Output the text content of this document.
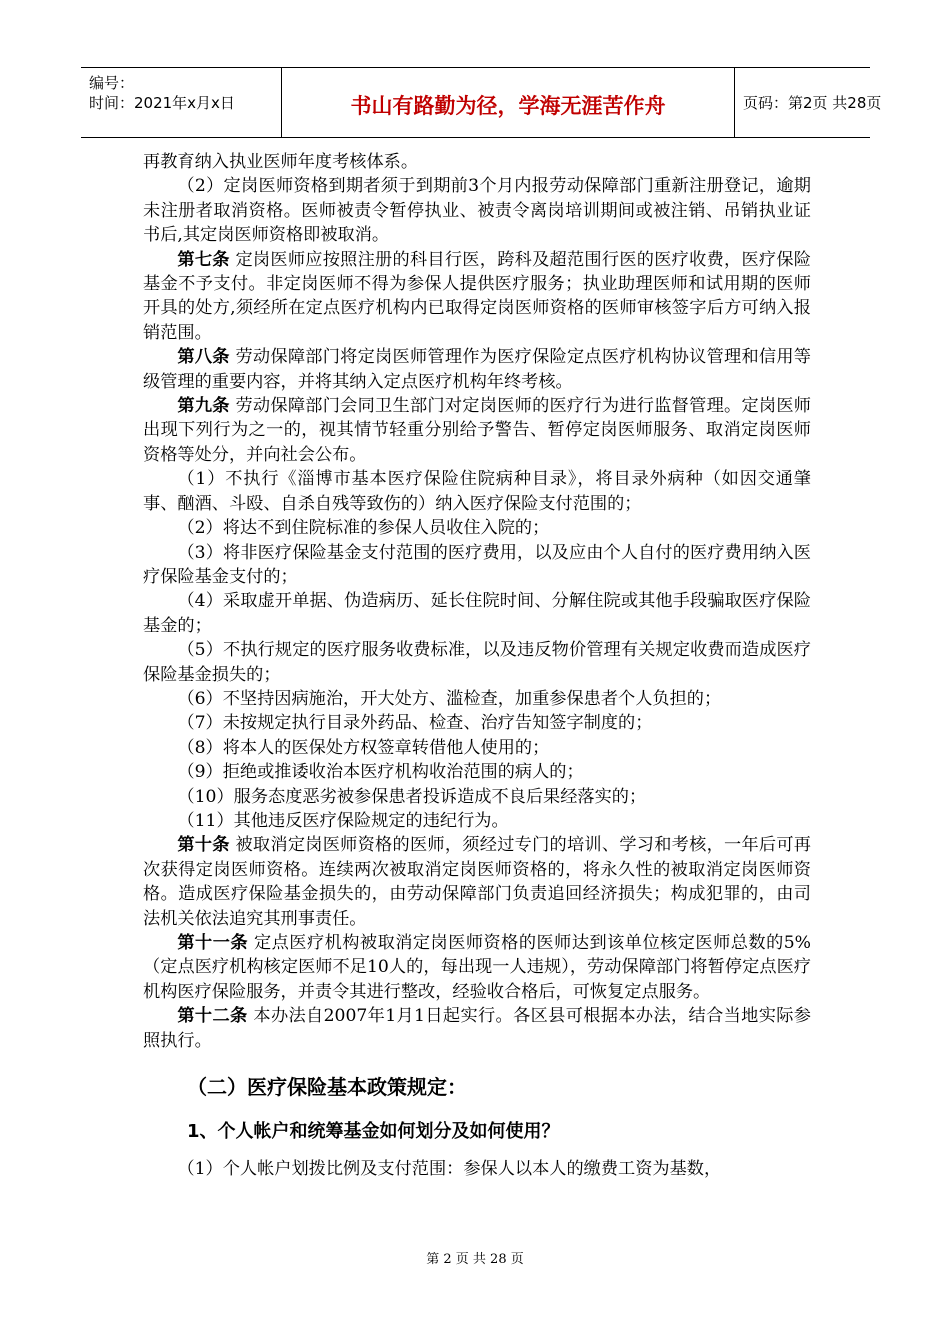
编号：
时间：2021年x月x日	书山有路勤为径，学海无涯苦作舟	页码：第2页 共28页

再教育纳入执业医师年度考核体系。

（2）定岗医师资格到期者须于到期前3个月内报劳动保障部门重新注册登记，逾期未注册者取消资格。医师被责令暂停执业、被责令离岗培训期间或被注销、吊销执业证书后,其定岗医师资格即被取消。

第七条 定岗医师应按照注册的科目行医，跨科及超范围行医的医疗收费，医疗保险基金不予支付。非定岗医师不得为参保人提供医疗服务；执业助理医师和试用期的医师开具的处方,须经所在定点医疗机构内已取得定岗医师资格的医师审核签字后方可纳入报销范围。

第八条 劳动保障部门将定岗医师管理作为医疗保险定点医疗机构协议管理和信用等级管理的重要内容，并将其纳入定点医疗机构年终考核。

第九条 劳动保障部门会同卫生部门对定岗医师的医疗行为进行监督管理。定岗医师出现下列行为之一的，视其情节轻重分别给予警告、暂停定岗医师服务、取消定岗医师资格等处分，并向社会公布。

（1）不执行《淄博市基本医疗保险住院病种目录》，将目录外病种（如因交通肇事、酗酒、斗殴、自杀自残等致伤的）纳入医疗保险支付范围的；

（2）将达不到住院标准的参保人员收住入院的；

（3）将非医疗保险基金支付范围的医疗费用，以及应由个人自付的医疗费用纳入医疗保险基金支付的；

（4）采取虚开单据、伪造病历、延长住院时间、分解住院或其他手段骗取医疗保险基金的；

（5）不执行规定的医疗服务收费标准，以及违反物价管理有关规定收费而造成医疗保险基金损失的；

（6）不坚持因病施治，开大处方、滥检查，加重参保患者个人负担的；

（7）未按规定执行目录外药品、检查、治疗告知签字制度的；

（8）将本人的医保处方权签章转借他人使用的；

（9）拒绝或推诿收治本医疗机构收治范围的病人的；

（10）服务态度恶劣被参保患者投诉造成不良后果经落实的；

（11）其他违反医疗保险规定的违纪行为。

第十条 被取消定岗医师资格的医师，须经过专门的培训、学习和考核，一年后可再次获得定岗医师资格。连续两次被取消定岗医师资格的，将永久性的被取消定岗医师资格。造成医疗保险基金损失的，由劳动保障部门负责追回经济损失；构成犯罪的，由司法机关依法追究其刑事责任。

第十一条 定点医疗机构被取消定岗医师资格的医师达到该单位核定医师总数的5%（定点医疗机构核定医师不足10人的，每出现一人违规），劳动保障部门将暂停定点医疗机构医疗保险服务，并责令其进行整改，经验收合格后，可恢复定点服务。

第十二条 本办法自2007年1月1日起实行。各区县可根据本办法，结合当地实际参照执行。

（二）医疗保险基本政策规定：
1、个人帐户和统筹基金如何划分及如何使用？

（1）个人帐户划拨比例及支付范围：参保人以本人的缴费工资为基数，

第 2 页 共 28 页
